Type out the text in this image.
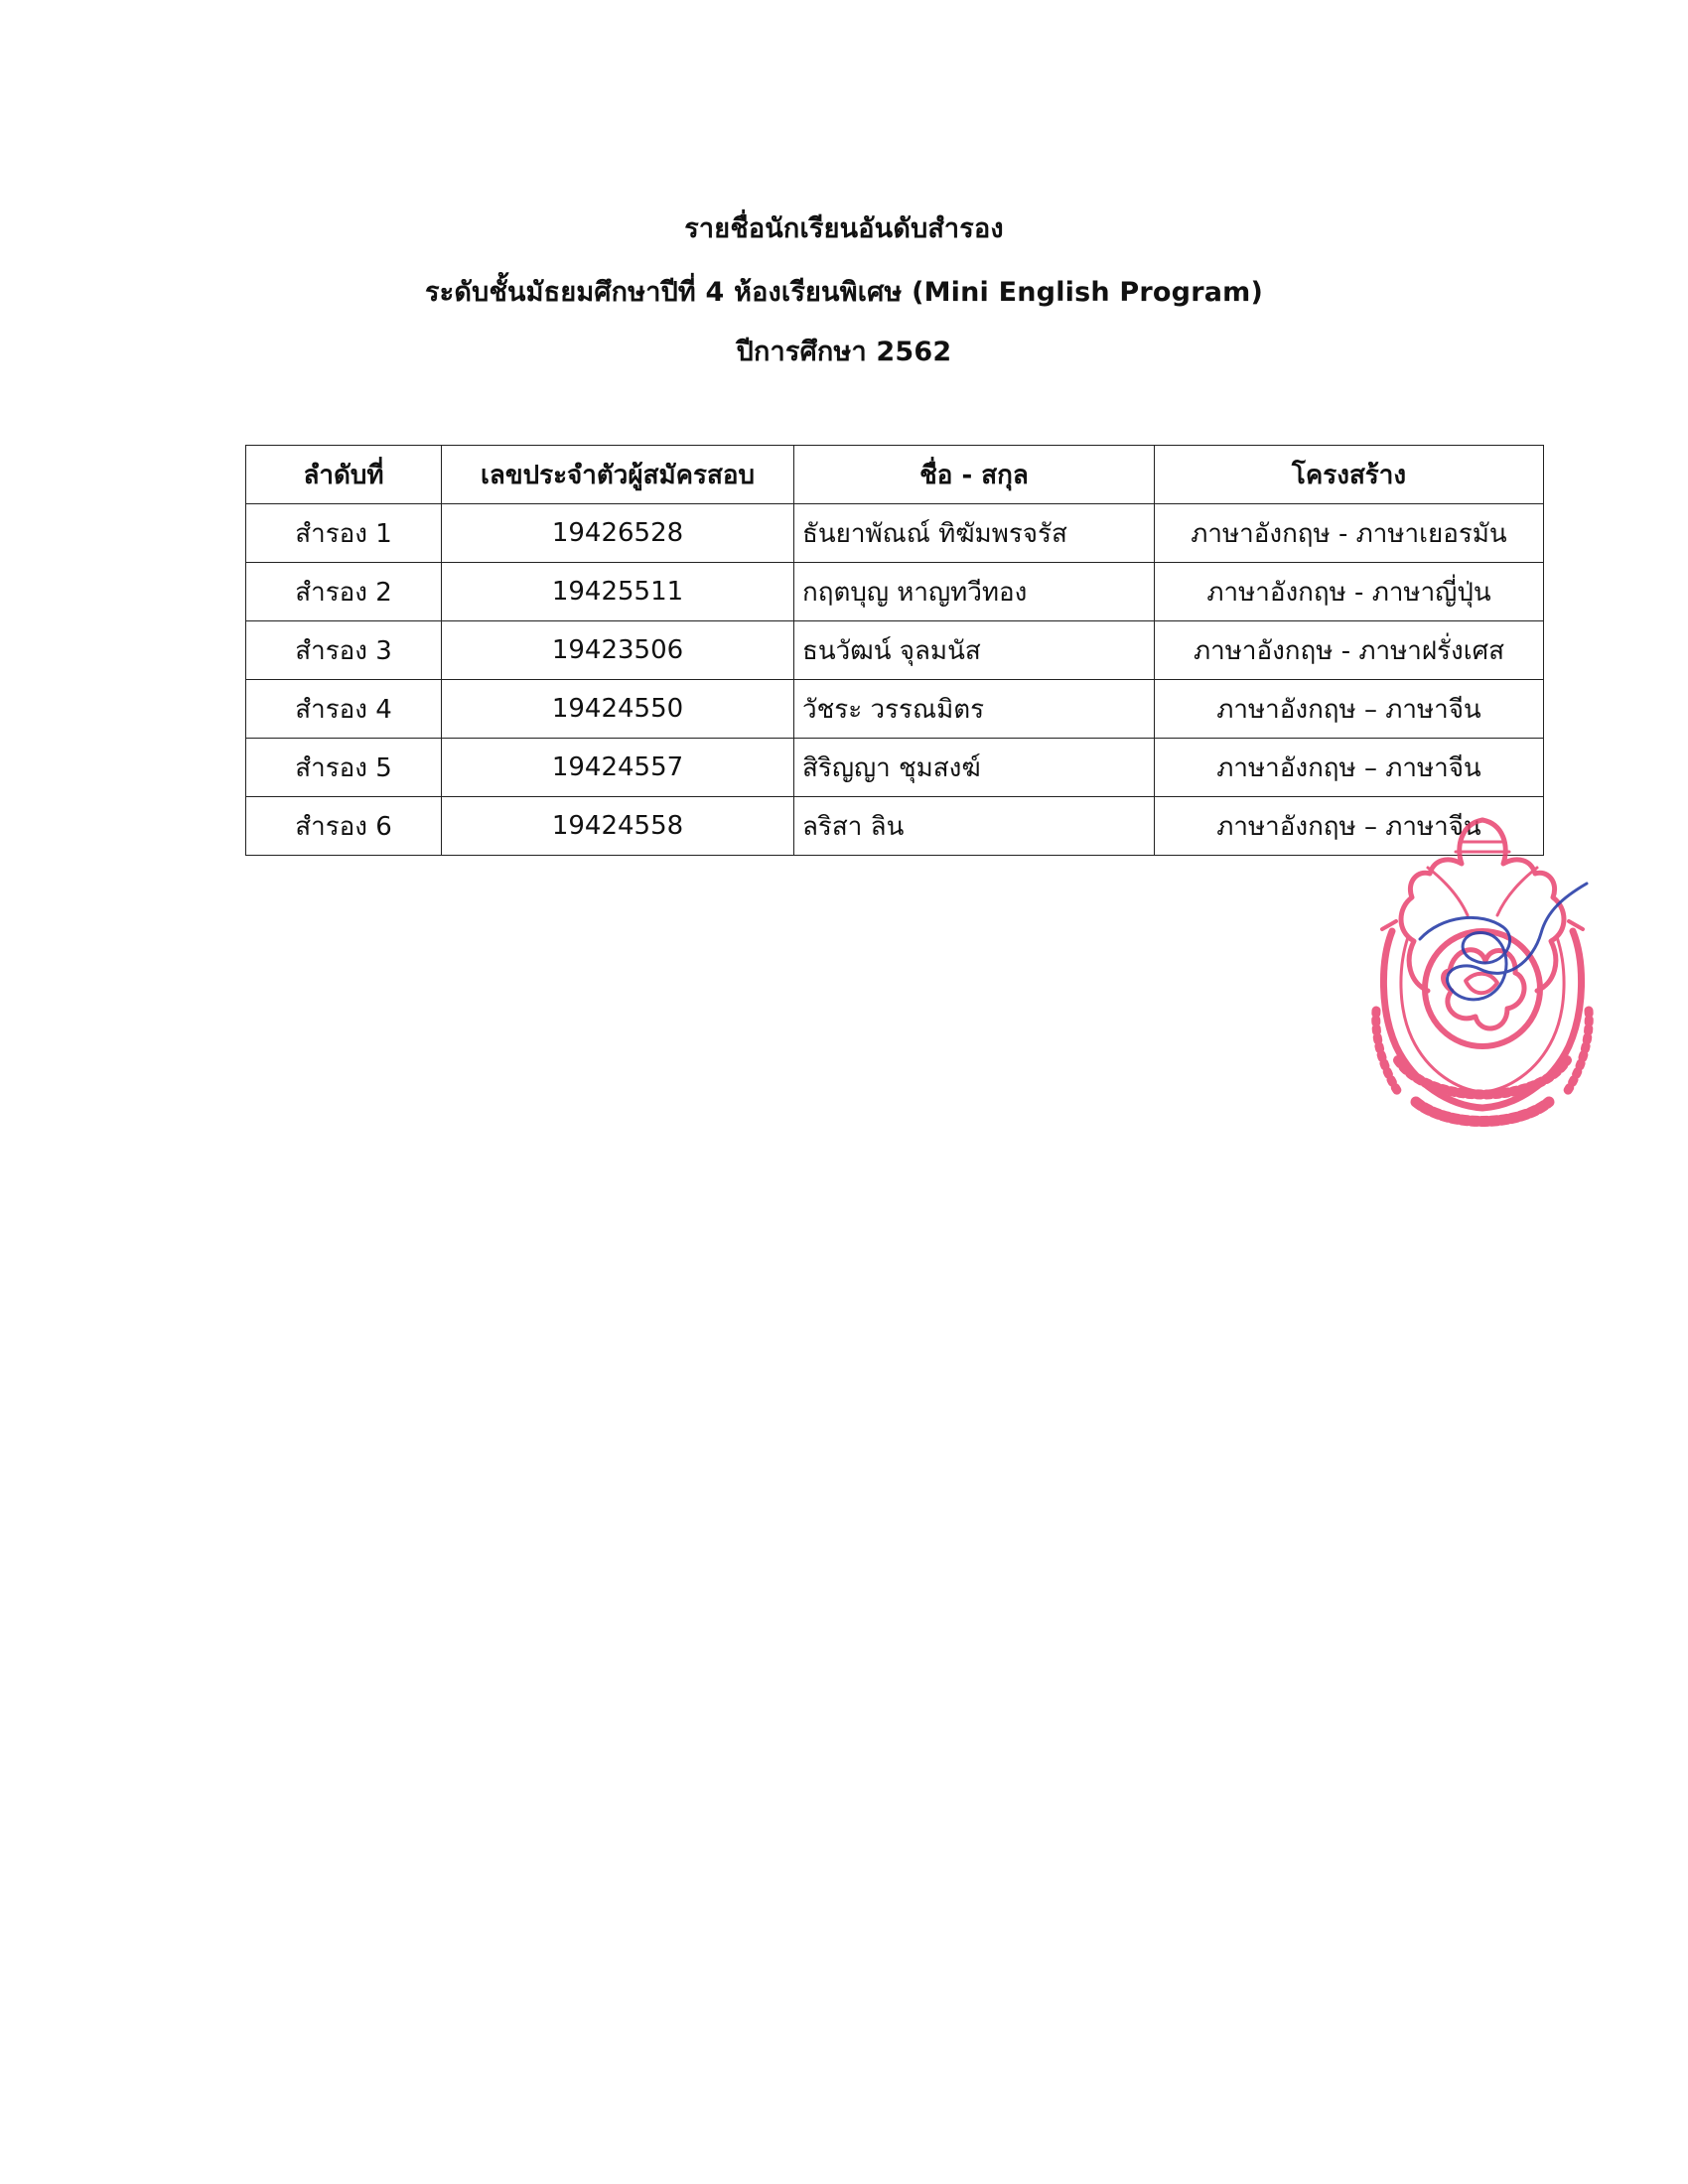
รายชื่อนักเรียนอันดับสำรอง
ระดับชั้นมัธยมศึกษาปีที่ 4 ห้องเรียนพิเศษ (Mini English Program)
ปีการศึกษา 2562
ลำดับที่	เลขประจำตัวผู้สมัครสอบ	ชื่อ - สกุล	โครงสร้าง
สำรอง 1	19426528	ธันยาพัณณ์ ทิฆัมพรจรัส	ภาษาอังกฤษ - ภาษาเยอรมัน
สำรอง 2	19425511	กฤตบุญ หาญทวีทอง	ภาษาอังกฤษ - ภาษาญี่ปุ่น
สำรอง 3	19423506	ธนวัฒน์ จุลมนัส	ภาษาอังกฤษ - ภาษาฝรั่งเศส
สำรอง 4	19424550	วัชระ วรรณมิตร	ภาษาอังกฤษ – ภาษาจีน
สำรอง 5	19424557	สิริญญา ชุมสงฆ์	ภาษาอังกฤษ – ภาษาจีน
สำรอง 6	19424558	ลริสา ลิน	ภาษาอังกฤษ – ภาษาจีน
